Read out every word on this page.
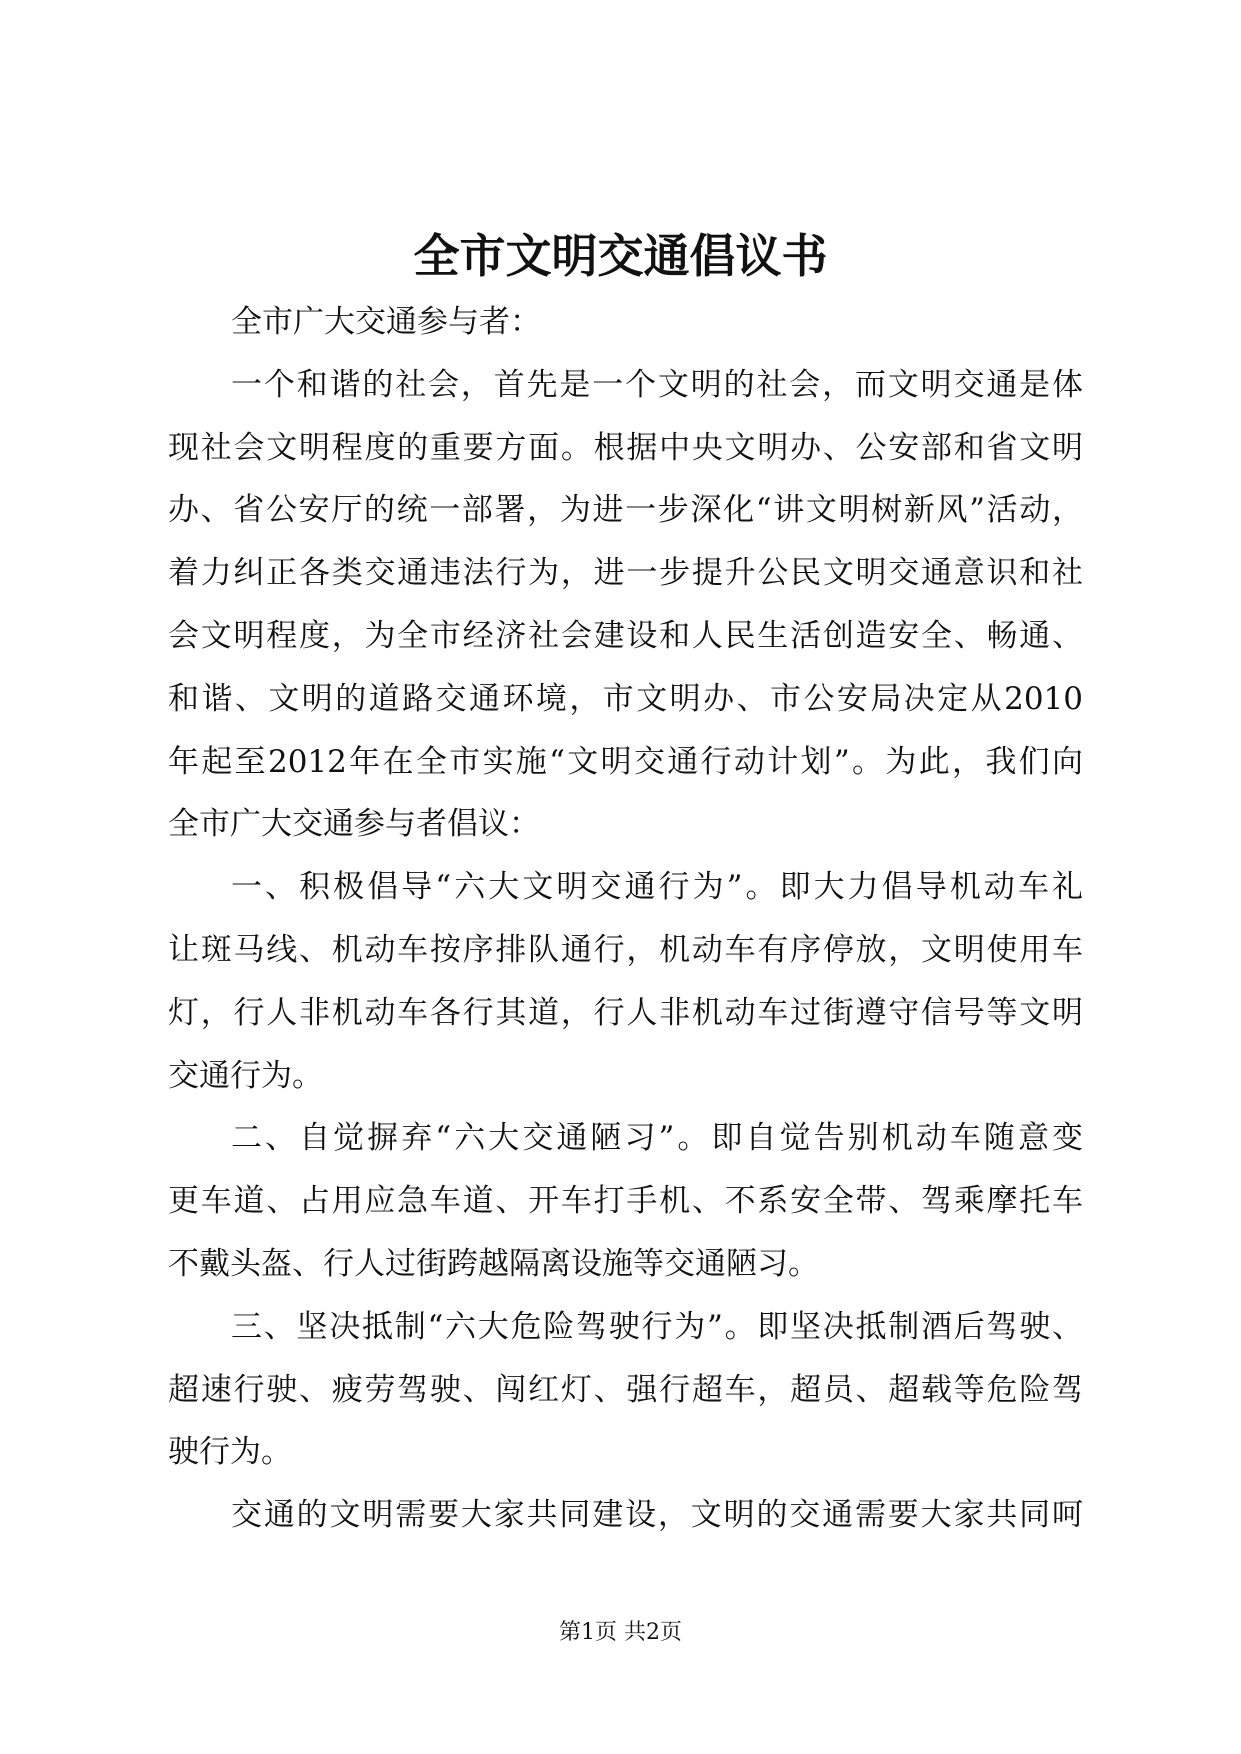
全市文明交通倡议书
全市广大交通参与者：
一个和谐的社会，首先是一个文明的社会，而文明交通是体
现社会文明程度的重要方面。根据中央文明办、公安部和省文明
办、省公安厅的统一部署，为进一步深化“讲文明树新风”活动，
着力纠正各类交通违法行为，进一步提升公民文明交通意识和社
会文明程度，为全市经济社会建设和人民生活创造安全、畅通、
和谐、文明的道路交通环境，市文明办、市公安局决定从2010
年起至2012年在全市实施“文明交通行动计划”。为此，我们向
全市广大交通参与者倡议：
一、积极倡导“六大文明交通行为”。即大力倡导机动车礼
让斑马线、机动车按序排队通行，机动车有序停放，文明使用车
灯，行人非机动车各行其道，行人非机动车过街遵守信号等文明
交通行为。
二、自觉摒弃“六大交通陋习”。即自觉告别机动车随意变
更车道、占用应急车道、开车打手机、不系安全带、驾乘摩托车
不戴头盔、行人过街跨越隔离设施等交通陋习。
三、坚决抵制“六大危险驾驶行为”。即坚决抵制酒后驾驶、
超速行驶、疲劳驾驶、闯红灯、强行超车，超员、超载等危险驾
驶行为。
交通的文明需要大家共同建设，文明的交通需要大家共同呵
第1页 共2页
